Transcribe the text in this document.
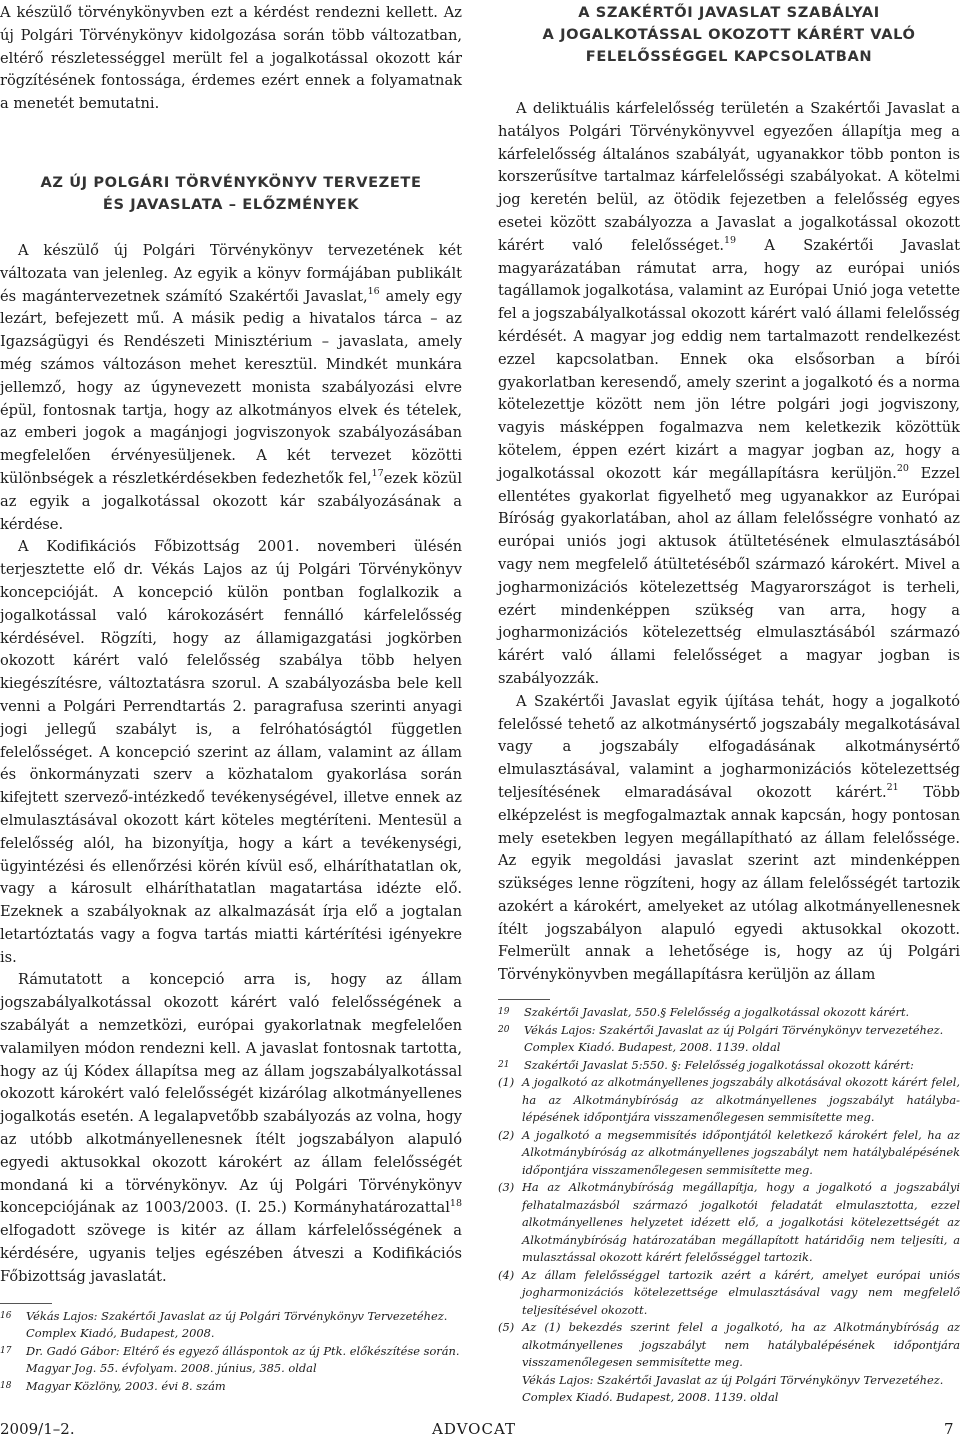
A készülő törvénykönyvben ezt a kérdést rendezni kellett. Az új Polgári Törvénykönyv kidolgozása során több változatban, eltérő részletességgel merült fel a jogalkotással okozott kár rögzítésének fontossága, érdemes ezért ennek a folyamatnak a menetét bemutatni.

AZ ÚJ POLGÁRI TÖRVÉNYKÖNYV TERVEZETE
ÉS JAVASLATA – ELŐZMÉNYEK

A készülő új Polgári Törvénykönyv tervezetének két változata van jelenleg. Az egyik a könyv formájában publikált és magántervezetnek számító Szakértői Javaslat,$^{16}$ amely egy lezárt, befejezett mű. A másik pedig a hivatalos tárca – az Igazságügyi és Rendészeti Minisztérium – javaslata, amely még számos változáson mehet keresztül. Mindkét munkára jellemző, hogy az úgynevezett monista szabályozási elvre épül, fontosnak tartja, hogy az alkotmányos elvek és tételek, az emberi jogok a magánjogi jogviszonyok szabályozásában megfelelően érvényesüljenek. A két tervezet közötti különbségek a részletkérdésekben fedezhetők fel,$^{17}$ezek közül az egyik a jogalkotással okozott kár szabályozásának a kérdése.

A Kodifikációs Főbizottság 2001. novemberi ülésén terjesztette elő dr. Vékás Lajos az új Polgári Törvénykönyv koncepcióját. A koncepció külön pontban foglalkozik a jogalkotással való károkozásért fennálló kárfelelősség kérdésével. Rögzíti, hogy az államigazgatási jogkörben okozott kárért való felelősség szabálya több helyen kiegészítésre, változtatásra szorul. A szabályozásba bele kell venni a Polgári Perrendtartás 2. paragrafusa szerinti anyagi jogi jellegű szabályt is, a felróhatóságtól független felelősséget. A koncepció szerint az állam, valamint az állam és önkormányzati szerv a közhatalom gyakorlása során kifejtett szervező-intézkedő tevékenységével, illetve ennek az elmulasztásával okozott kárt köteles megtéríteni. Mentesül a felelősség alól, ha bizonyítja, hogy a kárt a tevékenységi, ügyintézési és ellenőrzési körén kívül eső, elháríthatatlan ok, vagy a károsult elháríthatatlan magatartása idézte elő. Ezeknek a szabályoknak az alkalmazását írja elő a jogtalan letartóztatás vagy a fogva tartás miatti kártérítési igényekre is.

Rámutatott a koncepció arra is, hogy az állam jogszabályalkotással okozott kárért való felelősségének a szabályát a nemzetközi, európai gyakorlatnak megfelelően valamilyen módon rendezni kell. A javaslat fontosnak tartotta, hogy az új Kódex állapítsa meg az állam jogszabályalkotással okozott károkért való felelősségét kizárólag alkotmányellenes jogalkotás esetén. A legalapvetőbb szabályozás az volna, hogy az utóbb alkotmányellenesnek ítélt jogszabályon alapuló egyedi aktusokkal okozott károkért az állam felelősségét mondaná ki a törvénykönyv. Az új Polgári Törvénykönyv koncepciójának az 1003/2003. (I. 25.) Kormányhatározattal$^{18}$ elfogadott szövege is kitér az állam kárfelelősségének a kérdésére, ugyanis teljes egészében átveszi a Kodifikációs Főbizottság javaslatát.

16	Vékás Lajos: Szakértői Javaslat az új Polgári Törvénykönyv Tervezetéhez. Complex Kiadó, Budapest, 2008.
17	Dr. Gadó Gábor: Eltérő és egyező álláspontok az új Ptk. előkészítése során. Magyar Jog. 55. évfolyam. 2008. június, 385. oldal
18	Magyar Közlöny, 2003. évi 8. szám
A SZAKÉRTŐI JAVASLAT SZABÁLYAI
A JOGALKOTÁSSAL OKOZOTT KÁRÉRT VALÓ
FELELŐSSÉGGEL KAPCSOLATBAN

A deliktuális kárfelelősség területén a Szakértői Javaslat a hatályos Polgári Törvénykönyvvel egyezően állapítja meg a kárfelelősség általános szabályát, ugyanakkor több ponton is korszerűsítve tartalmaz kárfelelősségi szabályokat. A kötelmi jog keretén belül, az ötödik fejezetben a felelősség egyes esetei között szabályozza a Javaslat a jogalkotással okozott kárért való felelősséget.$^{19}$ A Szakértői Javaslat magyarázatában rámutat arra, hogy az európai uniós tagállamok jogalkotása, valamint az Európai Unió joga vetette fel a jogszabályalkotással okozott kárért való állami felelősség kérdését. A magyar jog eddig nem tartalmazott rendelkezést ezzel kapcsolatban. Ennek oka elsősorban a bírói gyakorlatban keresendő, amely szerint a jogalkotó és a norma kötelezettje között nem jön létre polgári jogi jogviszony, vagyis másképpen fogalmazva nem keletkezik közöttük kötelem, éppen ezért kizárt a magyar jogban az, hogy a jogalkotással okozott kár megállapításra kerüljön.$^{20}$ Ezzel ellentétes gyakorlat figyelhető meg ugyanakkor az Európai Bíróság gyakorlatában, ahol az állam felelősségre vonható az európai uniós jogi aktusok átültetésének elmulasztásából vagy nem megfelelő átültetéséből származó károkért. Mivel a jogharmonizációs kötelezettség Magyarországot is terheli, ezért mindenképpen szükség van arra, hogy a jogharmonizációs kötelezettség elmulasztásából származó kárért való állami felelősséget a magyar jogban is szabályozzák.

A Szakértői Javaslat egyik újítása tehát, hogy a jogalkotó felelőssé tehető az alkotmánysértő jogszabály megalkotásával vagy a jogszabály elfogadásának alkotmánysértő elmulasztásával, valamint a jogharmonizációs kötelezettség teljesítésének elmaradásával okozott kárért.$^{21}$ Több elképzelést is megfogalmaztak annak kapcsán, hogy pontosan mely esetekben legyen megállapítható az állam felelőssége. Az egyik megoldási javaslat szerint azt mindenképpen szükséges lenne rögzíteni, hogy az állam felelősségét tartozik azokért a károkért, amelyeket az utólag alkotmányellenesnek ítélt jogszabályon alapuló egyedi aktusokkal okozott. Felmerült annak a lehetősége is, hogy az új Polgári Törvénykönyvben megállapításra kerüljön az állam

19	Szakértői Javaslat, 550.§ Felelősség a jogalkotással okozott kárért.
20	Vékás Lajos: Szakértői Javaslat az új Polgári Törvénykönyv tervezetéhez. Complex Kiadó. Budapest, 2008. 1139. oldal
21	Szakértői Javaslat 5:550. §: Felelősség jogalkotással okozott kárért:
(1) A jogalkotó az alkotmányellenes jogszabály alkotásával okozott kárért felel, ha az Alkotmánybíróság az alkotmányellenes jogszabályt hatályba-lépésének időpontjára visszamenőlegesen semmisítette meg.
(2) A jogalkotó a megsemmisítés időpontjától keletkező károkért felel, ha az Alkotmánybíróság az alkotmányellenes jogszabályt nem hatálybalépésének időpontjára visszamenőlegesen semmisítette meg.
(3) Ha az Alkotmánybíróság megállapítja, hogy a jogalkotó a jogszabályi felhatalmazásból származó jogalkotói feladatát elmulasztotta, ezzel alkotmányellenes helyzetet idézett elő, a jogalkotási kötelezettségét az Alkotmánybíróság határozatában megállapított határidőig nem teljesíti, a mulasztással okozott kárért felelősséggel tartozik.
(4) Az állam felelősséggel tartozik azért a kárért, amelyet európai uniós jogharmonizációs kötelezettsége elmulasztásával vagy nem megfelelő teljesítésével okozott.
(5) Az (1) bekezdés szerint felel a jogalkotó, ha az Alkotmánybíróság az alkotmányellenes jogszabályt nem hatálybalépésének időpontjára visszamenőlegesen semmisítette meg.
Vékás Lajos: Szakértői Javaslat az új Polgári Törvénykönyv Tervezetéhez. Complex Kiadó. Budapest, 2008. 1139. oldal
2009/1–2.	ADVOCAT	7
